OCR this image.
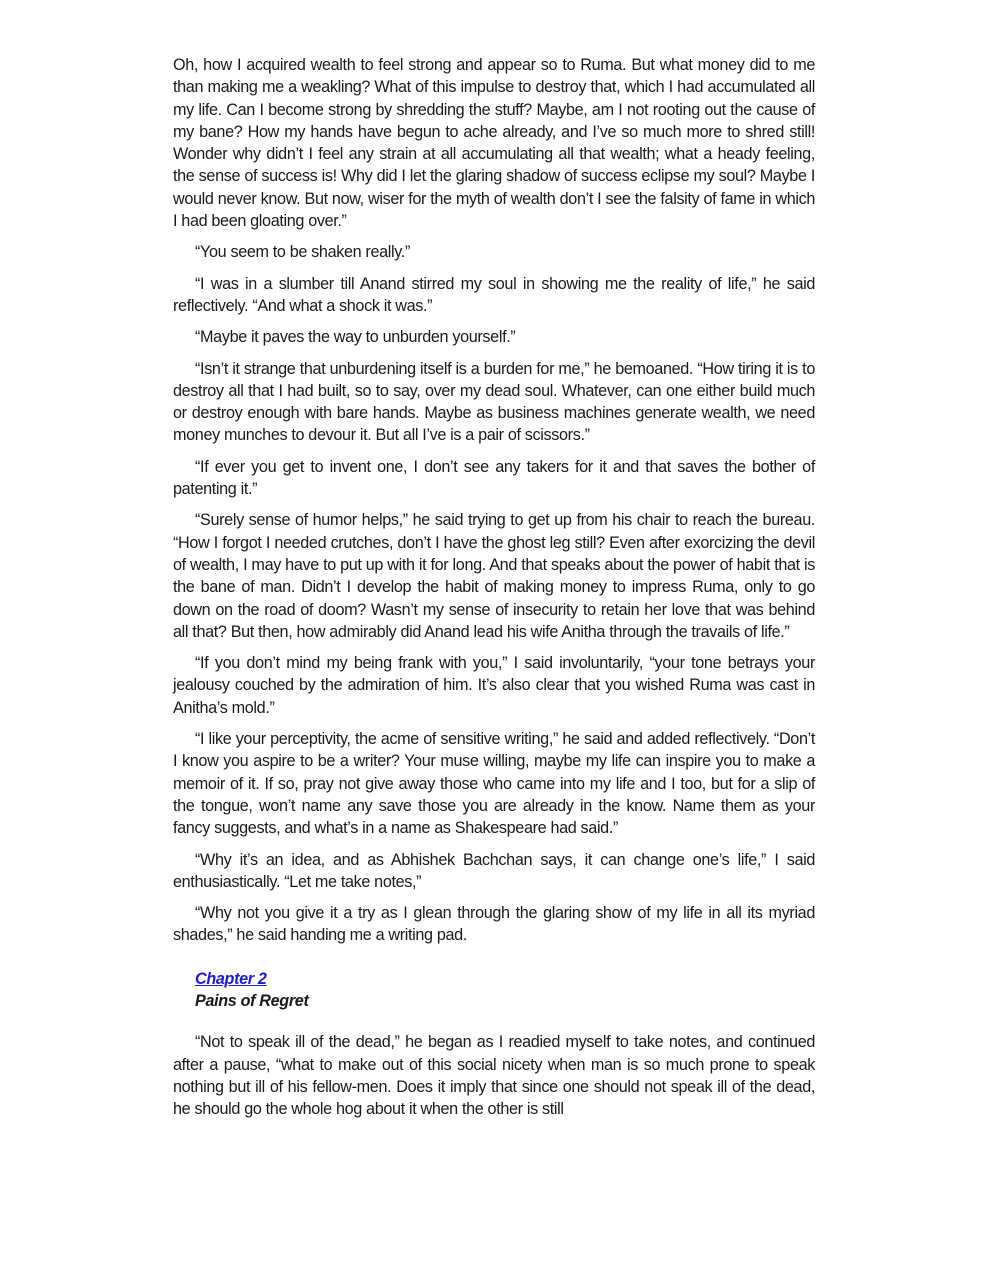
Oh, how I acquired wealth to feel strong and appear so to Ruma. But what money did to me than making me a weakling? What of this impulse to destroy that, which I had accumulated all my life. Can I become strong by shredding the stuff? Maybe, am I not rooting out the cause of my bane? How my hands have begun to ache already, and I’ve so much more to shred still! Wonder why didn’t I feel any strain at all accumulating all that wealth; what a heady feeling, the sense of success is! Why did I let the glaring shadow of success eclipse my soul? Maybe I would never know. But now, wiser for the myth of wealth don’t I see the falsity of fame in which I had been gloating over.”

“You seem to be shaken really.”

“I was in a slumber till Anand stirred my soul in showing me the reality of life,” he said reflectively. “And what a shock it was.”

“Maybe it paves the way to unburden yourself.”

“Isn’t it strange that unburdening itself is a burden for me,” he bemoaned. “How tiring it is to destroy all that I had built, so to say, over my dead soul. Whatever, can one either build much or destroy enough with bare hands. Maybe as business machines generate wealth, we need money munches to devour it. But all I’ve is a pair of scissors.”

“If ever you get to invent one, I don’t see any takers for it and that saves the bother of patenting it.”

“Surely sense of humor helps,” he said trying to get up from his chair to reach the bureau. “How I forgot I needed crutches, don’t I have the ghost leg still? Even after exorcizing the devil of wealth, I may have to put up with it for long. And that speaks about the power of habit that is the bane of man. Didn’t I develop the habit of making money to impress Ruma, only to go down on the road of doom? Wasn’t my sense of insecurity to retain her love that was behind all that? But then, how admirably did Anand lead his wife Anitha through the travails of life.”

“If you don’t mind my being frank with you,” I said involuntarily, “your tone betrays your jealousy couched by the admiration of him. It’s also clear that you wished Ruma was cast in Anitha’s mold.”

“I like your perceptivity, the acme of sensitive writing,” he said and added reflectively. “Don’t I know you aspire to be a writer? Your muse willing, maybe my life can inspire you to make a memoir of it. If so, pray not give away those who came into my life and I too, but for a slip of the tongue, won’t name any save those you are already in the know. Name them as your fancy suggests, and what’s in a name as Shakespeare had said.”

“Why it’s an idea, and as Abhishek Bachchan says, it can change one’s life,” I said enthusiastically. “Let me take notes,”

“Why not you give it a try as I glean through the glaring show of my life in all its myriad shades,” he said handing me a writing pad.

Chapter 2
Pains of Regret

“Not to speak ill of the dead,” he began as I readied myself to take notes, and continued after a pause, “what to make out of this social nicety when man is so much prone to speak nothing but ill of his fellow-men. Does it imply that since one should not speak ill of the dead, he should go the whole hog about it when the other is still
